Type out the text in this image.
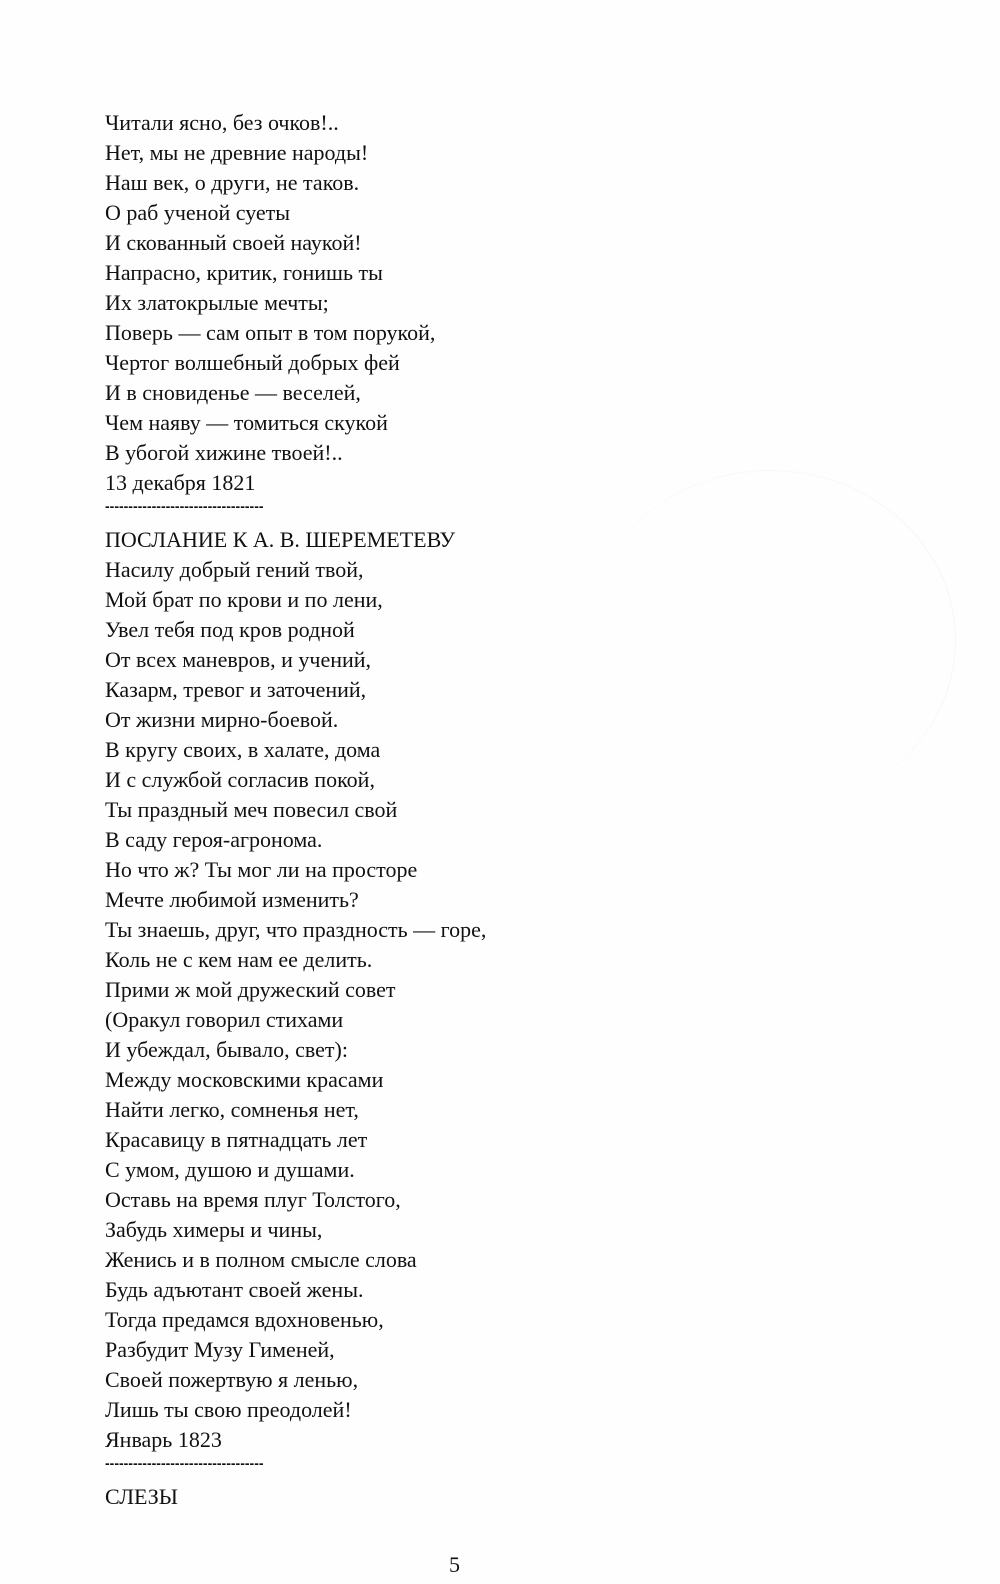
Читали ясно, без очков!..
Нет, мы не древние народы!
Наш век, о други, не таков.
О раб ученой суеты
И скованный своей наукой!
Напрасно, критик, гонишь ты
Их златокрылые мечты;
Поверь — сам опыт в том порукой,
Чертог волшебный добрых фей
И в сновиденье — веселей,
Чем наяву — томиться скукой
В убогой хижине твоей!..
13 декабря 1821
----------------------------------
ПОСЛАНИЕ К А. В. ШЕРЕМЕТЕВУ
Насилу добрый гений твой,
Мой брат по крови и по лени,
Увел тебя под кров родной
От всех маневров, и учений,
Казарм, тревог и заточений,
От жизни мирно-боевой.
В кругу своих, в халате, дома
И с службой согласив покой,
Ты праздный меч повесил свой
В саду героя-агронома.
Но что ж? Ты мог ли на просторе
Мечте любимой изменить?
Ты знаешь, друг, что праздность — горе,
Коль не с кем нам ее делить.
Прими ж мой дружеский совет
(Оракул говорил стихами
И убеждал, бывало, свет):
Между московскими красами
Найти легко, сомненья нет,
Красавицу в пятнадцать лет
С умом, душою и душами.
Оставь на время плуг Толстого,
Забудь химеры и чины,
Женись и в полном смысле слова
Будь адъютант своей жены.
Тогда предамся вдохновенью,
Разбудит Музу Гименей,
Своей пожертвую я ленью,
Лишь ты свою преодолей!
Январь 1823
----------------------------------
СЛЕЗЫ
5
